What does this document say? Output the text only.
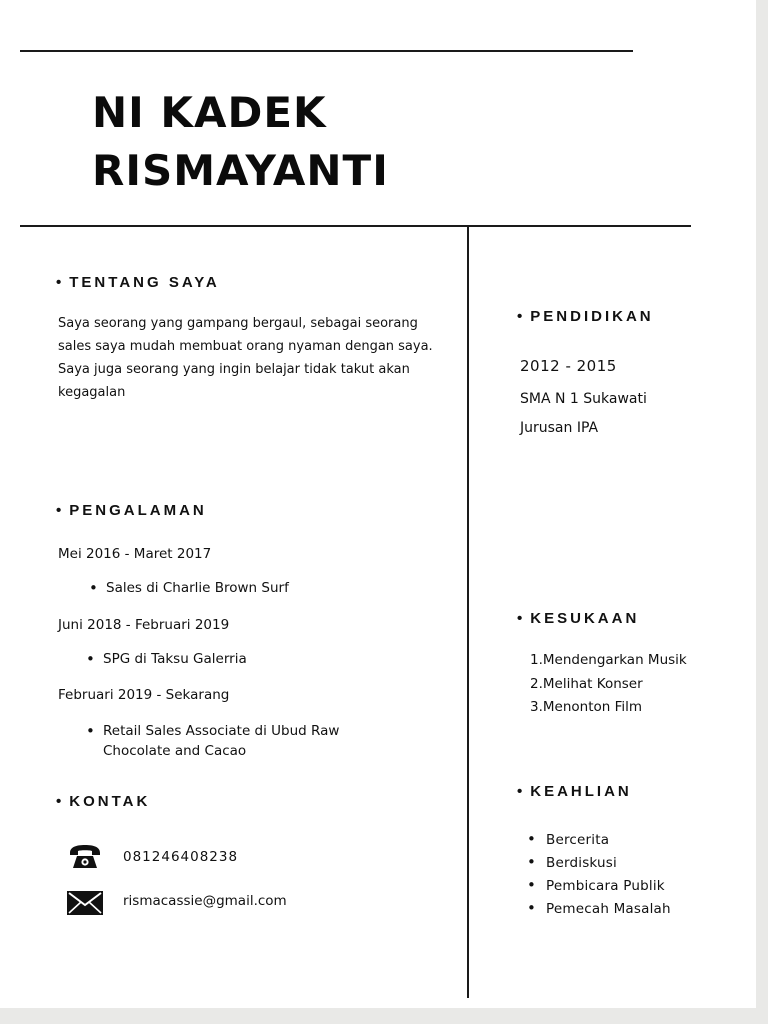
NI KADEK
RISMAYANTI
• TENTANG SAYA

Saya seorang yang gampang bergaul, sebagai seorang sales saya mudah membuat orang nyaman dengan saya. Saya juga seorang yang ingin belajar tidak takut akan kegagalan

• PENGALAMAN

Mei 2016 - Maret 2017

• Sales di Charlie Brown Surf

Juni 2018 - Februari 2019

• SPG di Taksu Galerria

Februari 2019 - Sekarang

• Retail Sales Associate di Ubud Raw

Chocolate and Cacao

• KONTAK

081246408238

rismacassie@gmail.com

• PENDIDIKAN

2012 - 2015

SMA N 1 Sukawati

Jurusan IPA

• KESUKAAN
1.Mendengarkan Musik
2.Melihat Konser
3.Menonton Film
• KEAHLIAN
• Bercerita
• Berdiskusi
• Pembicara Publik
• Pemecah Masalah
